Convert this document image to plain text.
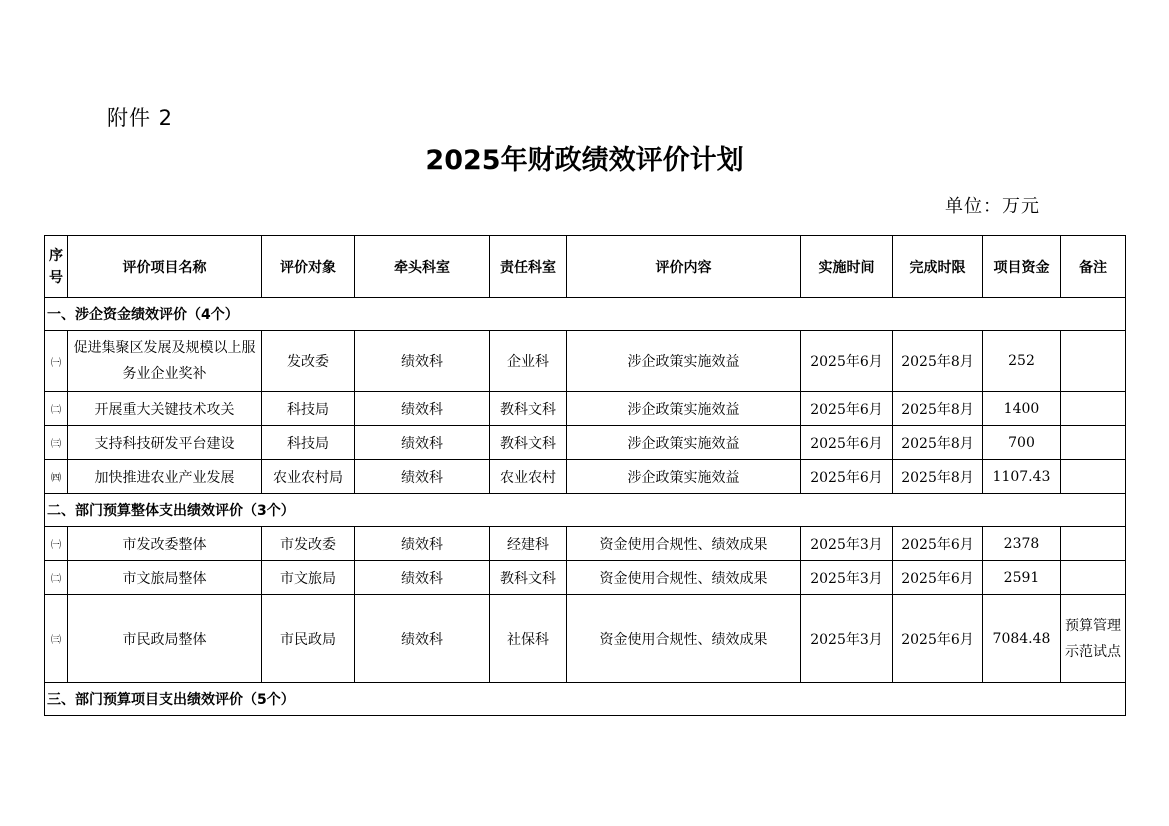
附件 2
2025年财政绩效评价计划
单位：万元
序号	评价项目名称	评价对象	牵头科室	责任科室	评价内容	实施时间	完成时限	项目资金	备注
一、涉企资金绩效评价（4个）									
㈠	促进集聚区发展及规模以上服务业企业奖补	发改委	绩效科	企业科	涉企政策实施效益	2025年6月	2025年8月	252	
㈡	开展重大关键技术攻关	科技局	绩效科	教科文科	涉企政策实施效益	2025年6月	2025年8月	1400	
㈢	支持科技研发平台建设	科技局	绩效科	教科文科	涉企政策实施效益	2025年6月	2025年8月	700	
㈣	加快推进农业产业发展	农业农村局	绩效科	农业农村	涉企政策实施效益	2025年6月	2025年8月	1107.43	
二、部门预算整体支出绩效评价（3个）									
㈠	市发改委整体	市发改委	绩效科	经建科	资金使用合规性、绩效成果	2025年3月	2025年6月	2378	
㈡	市文旅局整体	市文旅局	绩效科	教科文科	资金使用合规性、绩效成果	2025年3月	2025年6月	2591	
㈢	市民政局整体	市民政局	绩效科	社保科	资金使用合规性、绩效成果	2025年3月	2025年6月	7084.48	预算管理示范试点
三、部门预算项目支出绩效评价（5个）									
